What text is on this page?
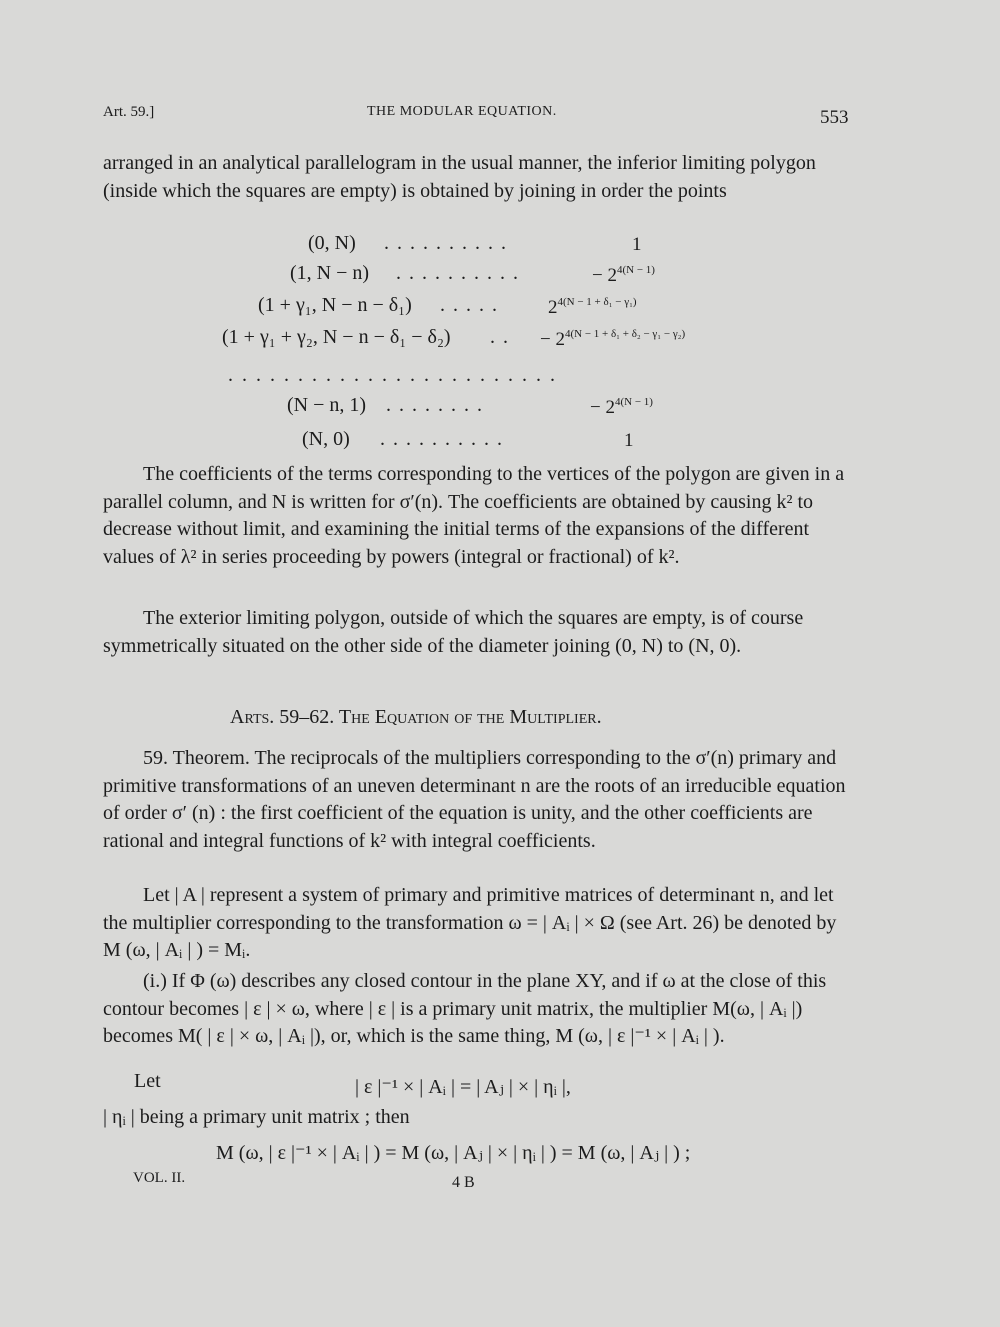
Art. 59.]	THE MODULAR EQUATION.	553
arranged in an analytical parallelogram in the usual manner, the inferior limiting polygon (inside which the squares are empty) is obtained by joining in order the points
(0, N) ..........	1
(1, N − n) ..........	− $2^{4(N - 1)}$
(1 + γ₁, N − n − δ₁) ..... $2^{4(N - 1 + \delta_1 - \gamma_1)}$
(1 + γ₁ + γ₂, N − n − δ₁ − δ₂) .. − $2^{4(N - 1 + \delta_1 + \delta_2 - \gamma_1 - \gamma_2)}$
. . . . . . . . . . . . . . . . . . . . . . . .
(N − n, 1) ........	− $2^{4(N - 1)}$
(N, 0) ..........	1
The coefficients of the terms corresponding to the vertices of the polygon are given in a parallel column, and N is written for σ′(n). The coefficients are obtained by causing k² to decrease without limit, and examining the initial terms of the expansions of the different values of λ² in series proceeding by powers (integral or fractional) of k².
The exterior limiting polygon, outside of which the squares are empty, is of course symmetrically situated on the other side of the diameter joining (0, N) to (N, 0).
Arts. 59–62. The Equation of the Multiplier.
59. Theorem. The reciprocals of the multipliers corresponding to the σ′(n) primary and primitive transformations of an uneven determinant n are the roots of an irreducible equation of order σ′ (n) : the first coefficient of the equation is unity, and the other coefficients are rational and integral functions of k² with integral coefficients.
Let | A | represent a system of primary and primitive matrices of determinant n, and let the multiplier corresponding to the transformation ω = | Aᵢ | × Ω (see Art. 26) be denoted by M (ω, | Aᵢ | ) = Mᵢ.
(i.) If Φ (ω) describes any closed contour in the plane XY, and if ω at the close of this contour becomes | ε | × ω, where | ε | is a primary unit matrix, the multiplier M(ω, | Aᵢ |) becomes M( | ε | × ω, | Aᵢ |), or, which is the same thing, M (ω, | ε |⁻¹ × | Aᵢ | ).
Let	| ε |⁻¹ × | Aᵢ | = | Aⱼ | × | ηᵢ |,
| ηᵢ | being a primary unit matrix ; then
M (ω, | ε |⁻¹ × | Aᵢ | ) = M (ω, | Aⱼ | × | ηᵢ | ) = M (ω, | Aⱼ | ) ;
VOL. II.	4 B
